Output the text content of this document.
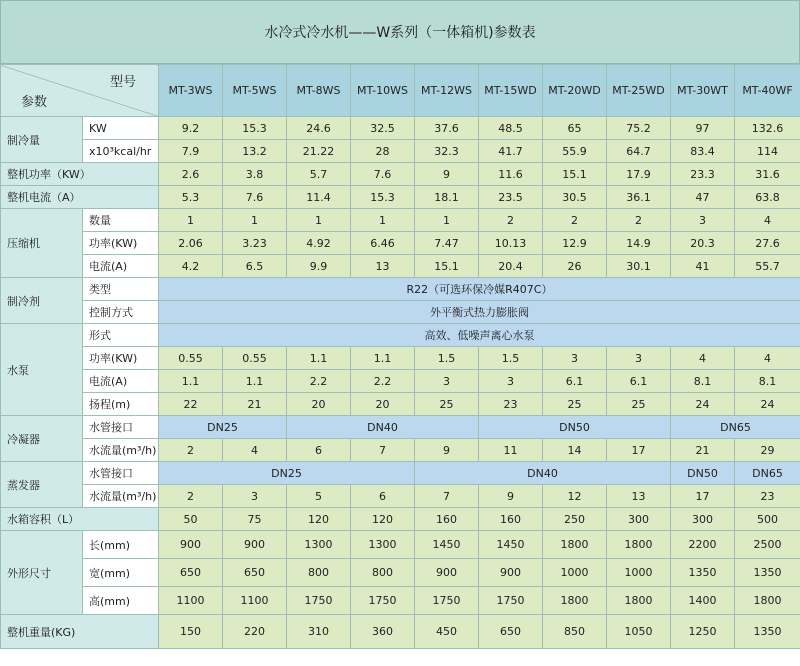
水冷式冷水机——W系列（一体箱机)参数表
型号
参数		MT-3WS	MT-5WS	MT-8WS	MT-10WS	MT-12WS	MT-15WD	MT-20WD	MT-25WD	MT-30WT	MT-40WF
制冷量	KW	9.2	15.3	24.6	32.5	37.6	48.5	65	75.2	97	132.6
	x10³kcal/hr	7.9	13.2	21.22	28	32.3	41.7	55.9	64.7	83.4	114
整机功率（KW）		2.6	3.8	5.7	7.6	9	11.6	15.1	17.9	23.3	31.6
整机电流（A）		5.3	7.6	11.4	15.3	18.1	23.5	30.5	36.1	47	63.8
压缩机	数量	1	1	1	1	1	2	2	2	3	4
	功率(KW)	2.06	3.23	4.92	6.46	7.47	10.13	12.9	14.9	20.3	27.6
	电流(A)	4.2	6.5	9.9	13	15.1	20.4	26	30.1	41	55.7
制冷剂	类型	R22（可选环保冷媒R407C）									
	控制方式	外平衡式热力膨胀阀									
水泵	形式	高效、低噪声离心水泵									
	功率(KW)	0.55	0.55	1.1	1.1	1.5	1.5	3	3	4	4
	电流(A)	1.1	1.1	2.2	2.2	3	3	6.1	6.1	8.1	8.1
	扬程(m)	22	21	20	20	25	23	25	25	24	24
冷凝器	水管接口	DN25		DN40			DN50			DN65	
	水流量(m³/h)	2	4	6	7	9	11	14	17	21	29
蒸发器	水管接口	DN25				DN40				DN50	DN65
	水流量(m³/h)	2	3	5	6	7	9	12	13	17	23
水箱容积（L）		50	75	120	120	160	160	250	300	300	500
外形尺寸	长(mm)	900	900	1300	1300	1450	1450	1800	1800	2200	2500
	宽(mm)	650	650	800	800	900	900	1000	1000	1350	1350
	高(mm)	1100	1100	1750	1750	1750	1750	1800	1800	1400	1800
整机重量(KG)		150	220	310	360	450	650	850	1050	1250	1350
